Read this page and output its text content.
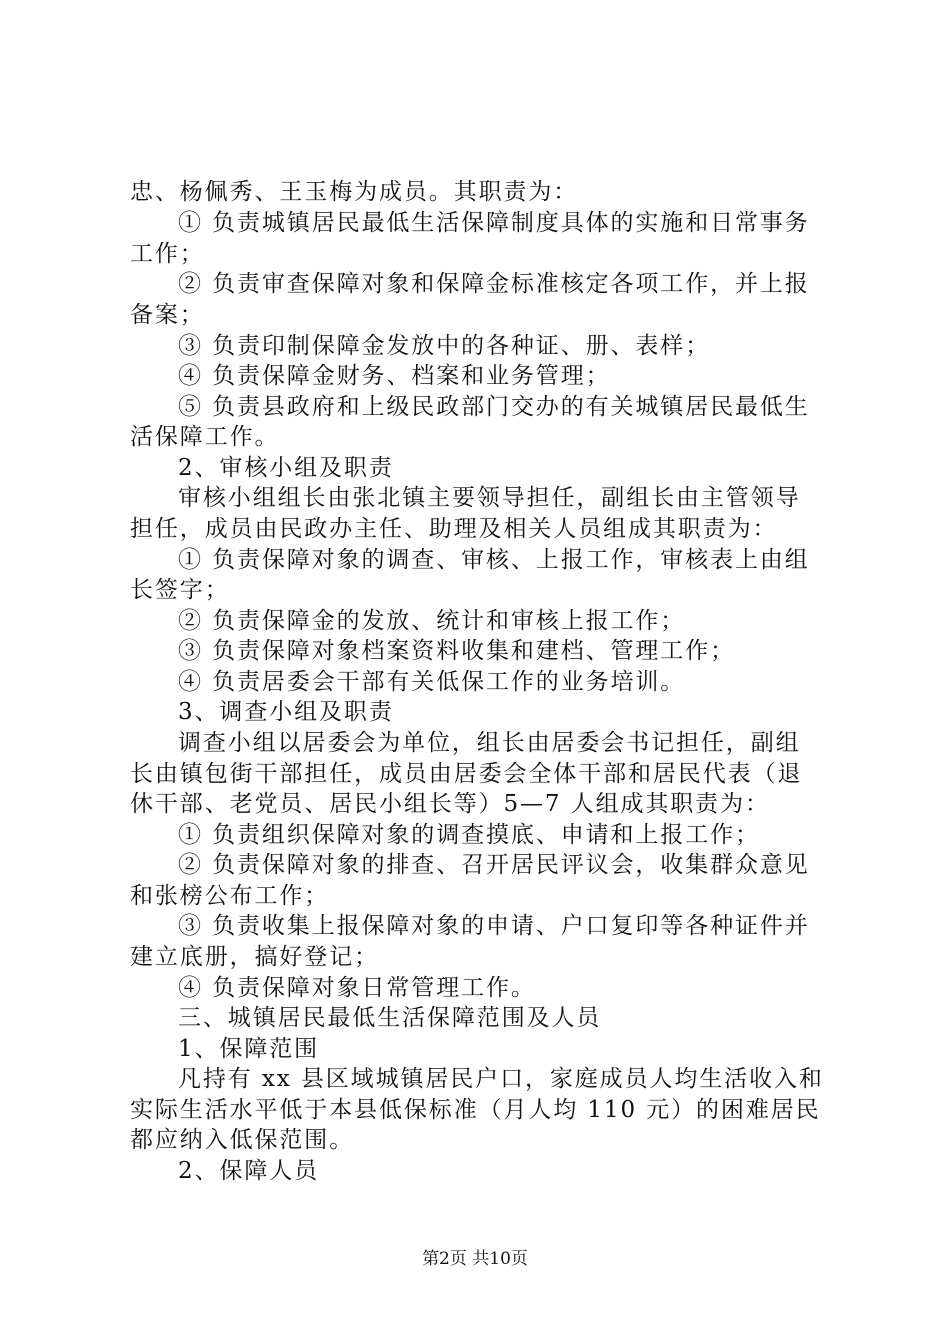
忠、杨佩秀、王玉梅为成员。其职责为：
① 负责城镇居民最低生活保障制度具体的实施和日常事务
工作；
② 负责审查保障对象和保障金标准核定各项工作，并上报
备案；
③ 负责印制保障金发放中的各种证、册、表样；
④ 负责保障金财务、档案和业务管理；
⑤ 负责县政府和上级民政部门交办的有关城镇居民最低生
活保障工作。
2、审核小组及职责
审核小组组长由张北镇主要领导担任，副组长由主管领导
担任，成员由民政办主任、助理及相关人员组成其职责为：
① 负责保障对象的调查、审核、上报工作，审核表上由组
长签字；
② 负责保障金的发放、统计和审核上报工作；
③ 负责保障对象档案资料收集和建档、管理工作；
④ 负责居委会干部有关低保工作的业务培训。
3、调查小组及职责
调查小组以居委会为单位，组长由居委会书记担任，副组
长由镇包街干部担任，成员由居委会全体干部和居民代表（退
休干部、老党员、居民小组长等）5—7 人组成其职责为：
① 负责组织保障对象的调查摸底、申请和上报工作；
② 负责保障对象的排查、召开居民评议会，收集群众意见
和张榜公布工作；
③ 负责收集上报保障对象的申请、户口复印等各种证件并
建立底册，搞好登记；
④ 负责保障对象日常管理工作。
三、城镇居民最低生活保障范围及人员
1、保障范围
凡持有 xx 县区域城镇居民户口，家庭成员人均生活收入和
实际生活水平低于本县低保标准（月人均 110 元）的困难居民
都应纳入低保范围。
2、保障人员
第2页 共10页
